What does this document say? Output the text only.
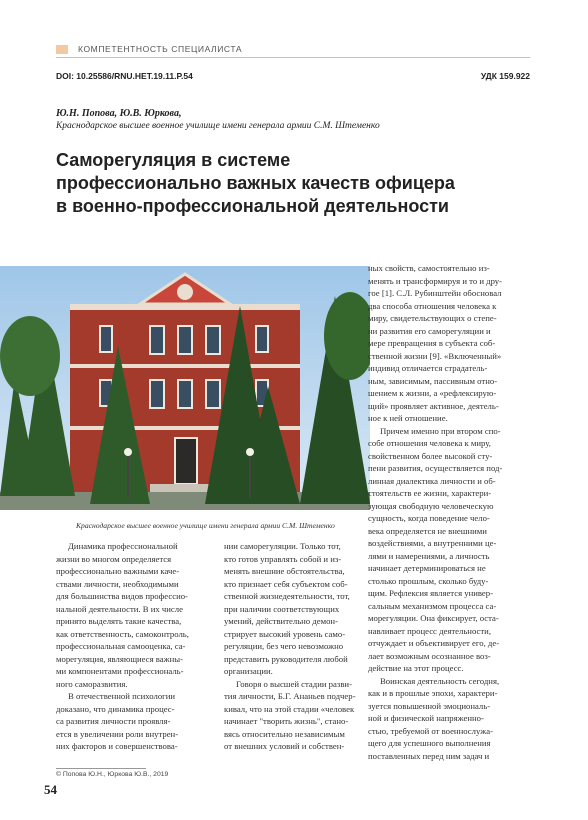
КОМПЕТЕНТНОСТЬ СПЕЦИАЛИСТА
DOI: 10.25586/RNU.HET.19.11.P.54	УДК 159.922
Ю.Н. Попова, Ю.В. Юркова,
Краснодарское высшее военное училище имени генерала армии С.М. Штеменко
Саморегуляция в системе
профессионально важных качеств офицера
в военно-профессиональной деятельности
Краснодарское высшее военное училище имени генерала армии С.М. Штеменко
ных свойств, самостоятельно из-
менять и трансформируя и то и дру-
гое [1]. С.Л. Рубинштейн обосновал
два способа отношения человека к
миру, свидетельствующих о степе-
ни развития его саморегуляции и
мере превращения в субъекта соб-
ственной жизни [9]. «Включенный»
индивид отличается страдатель-
ным, зависимым, пассивным отно-
шением к жизни, а «рефлексирую-
щий» проявляет активное, деятель-
ное к ней отношение.
Причем именно при втором спо-
собе отношения человека к миру,
свойственном более высокой сту-
пени развития, осуществляется под-
линная диалектика личности и об-
стоятельств ее жизни, характери-
зующая свободную человеческую
сущность, когда поведение чело-
века определяется не внешними
воздействиями, а внутренними це-
лями и намерениями, а личность
начинает детерминироваться не
столько прошлым, сколько буду-
щим. Рефлексия является универ-
сальным механизмом процесса са-
морегуляции. Она фиксирует, оста-
навливает процесс деятельности,
отчуждает и объективирует его, де-
лает возможным осознанное воз-
действие на этот процесс.
Воинская деятельность сегодня,
как и в прошлые эпохи, характери-
зуется повышенной эмоциональ-
ной и физической напряженно-
стью, требуемой от военнослужа-
щего для успешного выполнения
поставленных перед ним задач и
Динамика профессиональной
жизни во многом определяется
профессионально важными каче-
ствами личности, необходимыми
для большинства видов профессио-
нальной деятельности. В их числе
принято выделять такие качества,
как ответственность, самоконтроль,
профессиональная самооценка, са-
морегуляция, являющиеся важны-
ми компонентами профессиональ-
ного саморазвития.
В отечественной психологии
доказано, что динамика процес-
са развития личности проявля-
ется в увеличении роли внутрен-
них факторов и совершенствова-
нии саморегуляции. Только тот,
кто готов управлять собой и из-
менять внешние обстоятельства,
кто признает себя субъектом соб-
ственной жизнедеятельности, тот,
при наличии соответствующих
умений, действительно демон-
стрирует высокий уровень само-
регуляции, без чего невозможно
представить руководителя любой
организации.
Говоря о высшей стадии разви-
тия личности, Б.Г. Ананьев подчер-
кивал, что на этой стадии «человек
начинает "творить жизнь", стано-
вясь относительно независимым
от внешних условий и собствен-
© Попова Ю.Н., Юркова Ю.В., 2019
54
